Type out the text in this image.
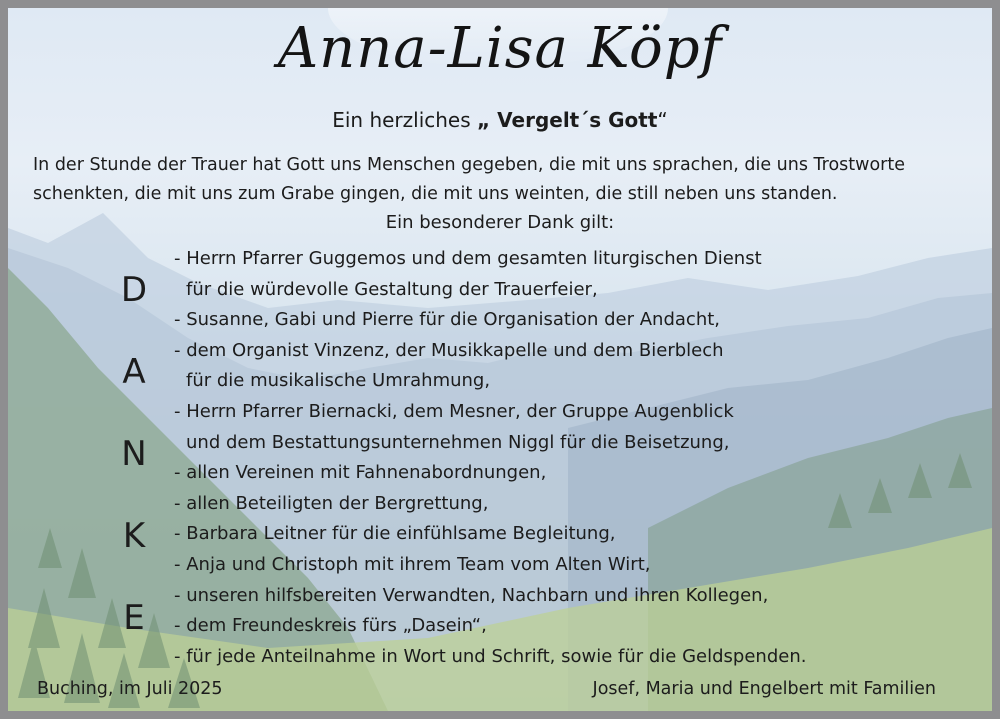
Anna-Lisa Köpf
Ein herzliches „ Vergelt´s Gott“
In der Stunde der Trauer hat Gott uns Menschen gegeben, die mit uns sprachen, die uns Trostworte
schenkten, die mit uns zum Grabe gingen, die mit uns weinten, die still neben uns standen.
Ein besonderer Dank gilt:
D
A
N
K
E
- Herrn Pfarrer Guggemos und dem gesamten liturgischen Dienst
für die würdevolle Gestaltung der Trauerfeier,
- Susanne, Gabi und Pierre für die Organisation der Andacht,
- dem Organist Vinzenz, der Musikkapelle und dem Bierblech
für die musikalische Umrahmung,
- Herrn Pfarrer Biernacki, dem Mesner, der Gruppe Augenblick
und dem Bestattungsunternehmen Niggl für die Beisetzung,
- allen Vereinen mit Fahnenabordnungen,
- allen Beteiligten der Bergrettung,
- Barbara Leitner für die einfühlsame Begleitung,
- Anja und Christoph mit ihrem Team vom Alten Wirt,
- unseren hilfsbereiten Verwandten, Nachbarn und ihren Kollegen,
- dem Freundeskreis fürs „Dasein“,
- für jede Anteilnahme in Wort und Schrift, sowie für die Geldspenden.
Buching, im Juli 2025	Josef, Maria und Engelbert mit Familien
